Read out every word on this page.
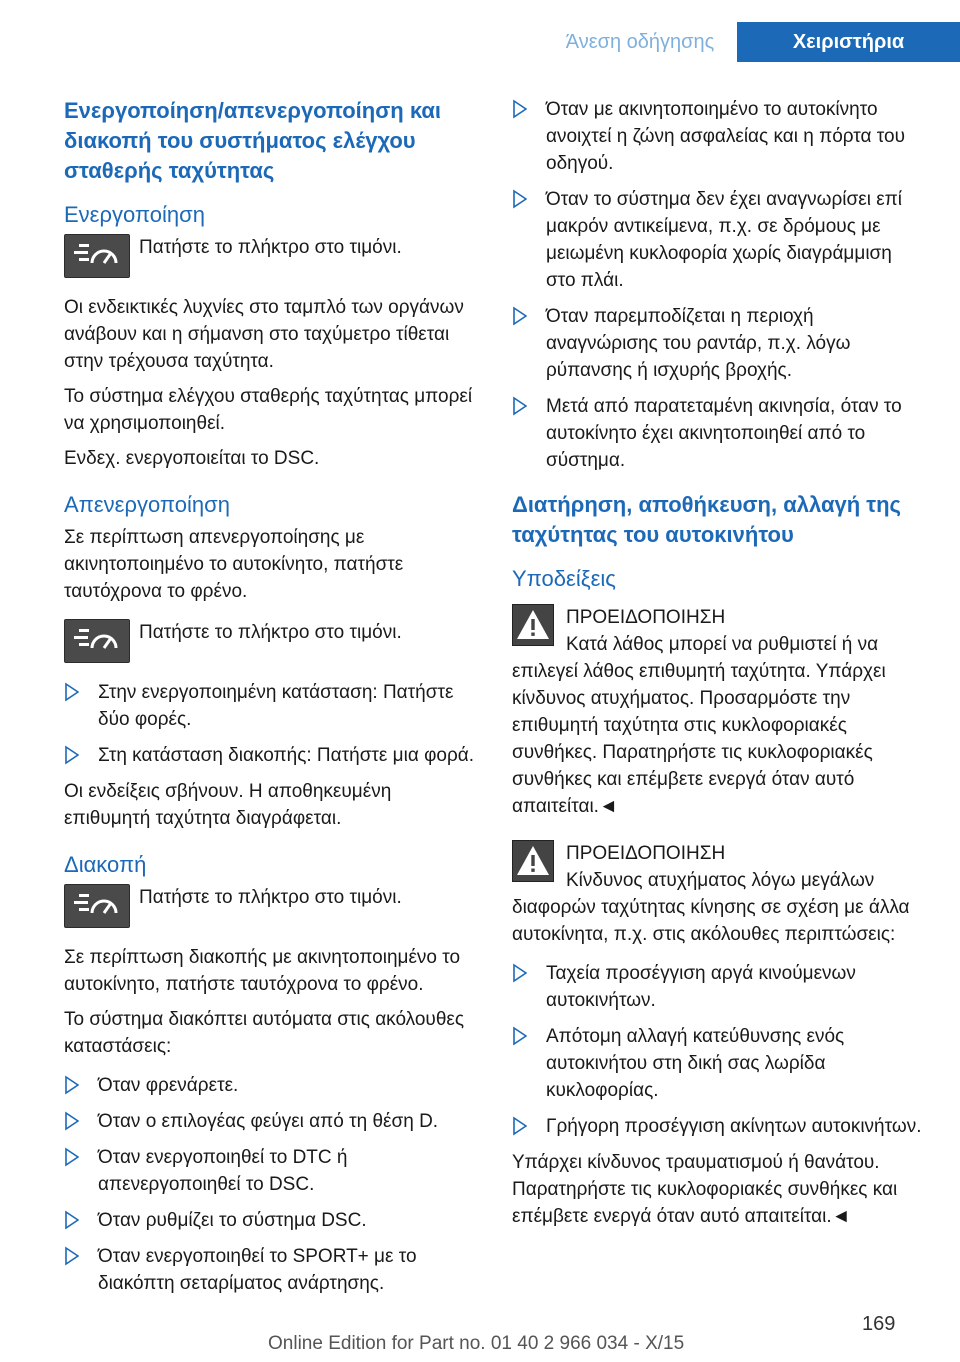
Άνεση οδήγησης	Χειριστήρια
Ενεργοποίηση/απενεργοποίηση και διακοπή του συστήματος ελέγχου σταθερής ταχύτητας
Ενεργοποίηση
Πατήστε το πλήκτρο στο τιμόνι.

Οι ενδεικτικές λυχνίες στο ταμπλό των οργάνων ανάβουν και η σήμανση στο ταχύμετρο τίθεται στην τρέχουσα ταχύτητα.

Το σύστημα ελέγχου σταθερής ταχύτητας μπορεί να χρησιμοποιηθεί.

Ενδεχ. ενεργοποιείται το DSC.

Απενεργοποίηση

Σε περίπτωση απενεργοποίησης με ακινητοποιημένο το αυτοκίνητο, πατήστε ταυτόχρονα το φρένο.

Πατήστε το πλήκτρο στο τιμόνι.
Στην ενεργοποιημένη κατάσταση: Πατήστε δύο φορές.
Στη κατάσταση διακοπής: Πατήστε μια φορά.

Οι ενδείξεις σβήνουν. Η αποθηκευμένη επιθυμητή ταχύτητα διαγράφεται.

Διακοπή
Πατήστε το πλήκτρο στο τιμόνι.

Σε περίπτωση διακοπής με ακινητοποιημένο το αυτοκίνητο, πατήστε ταυτόχρονα το φρένο.

Το σύστημα διακόπτει αυτόματα στις ακόλουθες καταστάσεις:

Όταν φρενάρετε.
Όταν ο επιλογέας φεύγει από τη θέση D.
Όταν ενεργοποιηθεί το DTC ή απενεργοποιηθεί το DSC.
Όταν ρυθμίζει το σύστημα DSC.
Όταν ενεργοποιηθεί το SPORT+ με το διακόπτη σεταρίματος ανάρτησης.
Όταν με ακινητοποιημένο το αυτοκίνητο ανοιχτεί η ζώνη ασφαλείας και η πόρτα του οδηγού.
Όταν το σύστημα δεν έχει αναγνωρίσει επί μακρόν αντικείμενα, π.χ. σε δρόμους με μειωμένη κυκλοφορία χωρίς διαγράμμιση στο πλάι.
Όταν παρεμποδίζεται η περιοχή αναγνώρισης του ραντάρ, π.χ. λόγω ρύπανσης ή ισχυρής βροχής.
Μετά από παρατεταμένη ακινησία, όταν το αυτοκίνητο έχει ακινητοποιηθεί από το σύστημα.
Διατήρηση, αποθήκευση, αλλαγή της ταχύτητας του αυτοκινήτου
Υποδείξεις

ΠΡΟΕΙΔΟΠΟΙΗΣΗ

Κατά λάθος μπορεί να ρυθμιστεί ή να επιλεγεί λάθος επιθυμητή ταχύτητα. Υπάρχει κίνδυνος ατυχήματος. Προσαρμόστε την επιθυμητή ταχύτητα στις κυκλοφοριακές συνθήκες. Παρατηρήστε τις κυκλοφοριακές συνθήκες και επέμβετε ενεργά όταν αυτό απαιτείται.◄

ΠΡΟΕΙΔΟΠΟΙΗΣΗ

Κίνδυνος ατυχήματος λόγω μεγάλων διαφορών ταχύτητας κίνησης σε σχέση με άλλα αυτοκίνητα, π.χ. στις ακόλουθες περιπτώσεις:

Ταχεία προσέγγιση αργά κινούμενων αυτοκινήτων.
Απότομη αλλαγή κατεύθυνσης ενός αυτοκινήτου στη δική σας λωρίδα κυκλοφορίας.
Γρήγορη προσέγγιση ακίνητων αυτοκινήτων.

Υπάρχει κίνδυνος τραυματισμού ή θανάτου. Παρατηρήστε τις κυκλοφοριακές συνθήκες και επέμβετε ενεργά όταν αυτό απαιτείται.◄

169
Online Edition for Part no. 01 40 2 966 034 - X/15
